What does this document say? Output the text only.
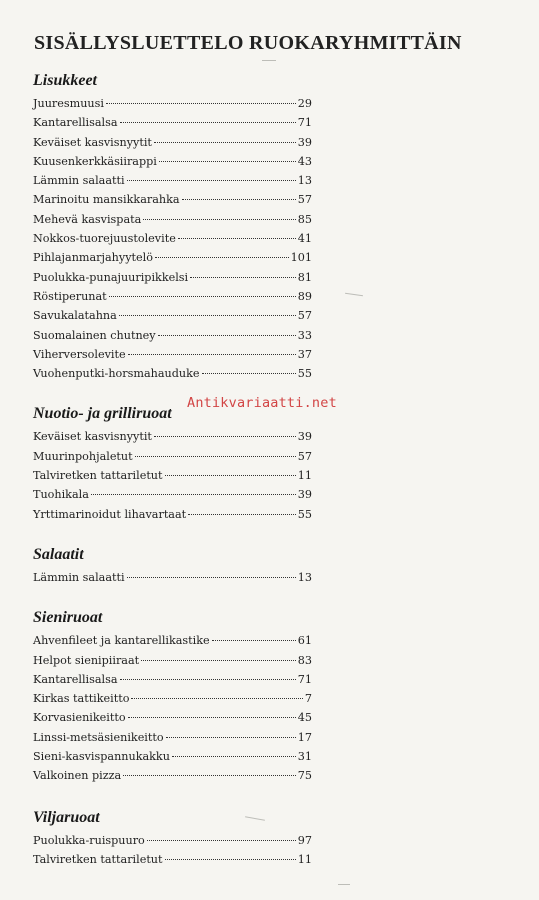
SISÄLLYSLUETTELO RUOKARYHMITTÄIN
Lisukkeet
Juuresmuusi	29
Kantarellisalsa	71
Keväiset kasvisnyytit	39
Kuusenkerkkäsiirappi	43
Lämmin salaatti	13
Marinoitu mansikkarahka	57
Mehevä kasvispata	85
Nokkos-tuorejuustolevite	41
Pihlajanmarjahyytelö	101
Puolukka-punajuuripikkelsi	81
Röstiperunat	89
Savukalatahna	57
Suomalainen chutney	33
Viherversolevite	37
Vuohenputki-horsmahauduke	55
Nuotio- ja grilliruoat
Keväiset kasvisnyytit	39
Muurinpohjaletut	57
Talviretken tattariletut	11
Tuohikala	39
Yrttimarinoidut lihavartaat	55
Salaatit
Lämmin salaatti	13
Sieniruoat
Ahvenfileet ja kantarellikastike	61
Helpot sienipiiraat	83
Kantarellisalsa	71
Kirkas tattikeitto	7
Korvasienikeitto	45
Linssi-metsäsienikeitto	17
Sieni-kasvispannukakku	31
Valkoinen pizza	75
Viljaruoat
Puolukka-ruispuuro	97
Talviretken tattariletut	11
Antikvariaatti.net
